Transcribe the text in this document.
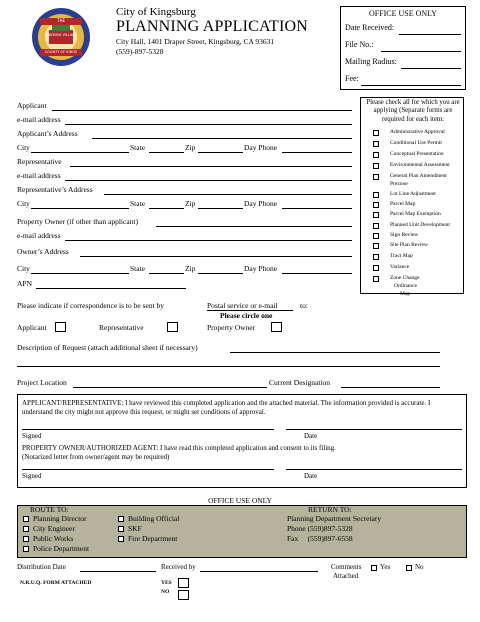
THE
SWEDISH VILLAGE
COUNTY OF KINGS
City of Kingsburg
PLANNING APPLICATION
City Hall, 1401 Draper Street, Kingsburg, CA 93631
(559)-897-5328
OFFICE USE ONLY
Date Received:
File No.:
Mailing Radius:
Fee:
Applicant
e-mail address
Applicant’s Address
City	State	Zip	Day Phone
Representative
e-mail address
Representative’s Address
City	State	Zip	Day Phone
Property Owner (if other than applicant)
e-mail address
Owner’s Address
City	State	Zip	Day Phone
APN
Please check all for which you are applying (Separate forms are required for each item:
Administrative Approval
Conditional Use Permit
Conceptual Presentation
Environmental Assessment
General Plan Amendment
Prezone
Lot Line Adjustment
Parcel Map
Parcel Map Exemption
Planned Unit Development
Sign Review
Site Plan Review
Tract Map
Variance
Zone Change
Ordinance
Map
Please indicate if correspondence is to be sent by	Postal service or e-mail	to:
Please circle one
Applicant	Representative	Property Owner
Description of Request (attach additional sheet if necessary)
Project Location	Current Designation
APPLICANT/REPRESENTATIVE: I have reviewed this completed application and the attached material. The information provided is accurate. I understand the city might not approve this request, or might set conditions of approval.
Signed	Date
PROPERTY OWNER/AUTHORIZED AGENT: I have read this completed application and consent to its filing.
(Notarized letter from owner/agent may be required)
Signed	Date
OFFICE USE ONLY
ROUTE TO:
Planning Director
City Engineer
Public Works
Police Department
Building Official
SKF
Fire Department
RETURN TO:
Planning Department Secretary
Phone (559)897-5328
Fax     (559)897-6558
Distribution Date	Received by	Comments
Attached
Yes	No
N.R.U.Q. FORM ATTACHED	YES
NO
